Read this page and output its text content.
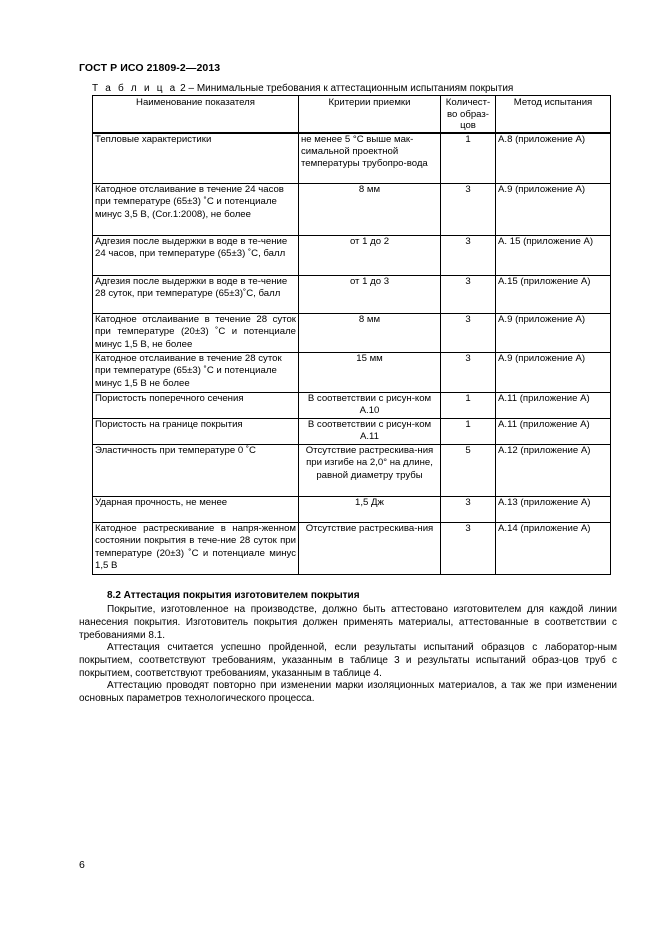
ГОСТ Р ИСО 21809-2—2013
Т а б л и ц а 2 – Минимальные требования к аттестационным испытаниям покрытия
Наименование показателя	Критерии приемки	Количест-во образ-цов	Метод испытания
Тепловые характеристики	не менее 5 °С выше мак-симальной проектной температуры трубопро-вода	1	А.8 (приложение А)
Катодное отслаивание в течение 24 часов при температуре (65±3) ˚С и потенциале минус 3,5 В, (Cor.1:2008), не более	8 мм	3	А.9 (приложение А)
Адгезия после выдержки в воде в те-чение 24 часов, при температуре (65±3) ˚С, балл	от 1 до 2	3	А. 15 (приложение А)
Адгезия после выдержки в воде в те-чение 28 суток, при температуре (65±3)˚С, балл	от 1 до 3	3	А.15 (приложение А)
Катодное отслаивание в течение 28 суток при температуре (20±3) ˚С и потенциале минус 1,5 В, не более	8 мм	3	А.9 (приложение А)
Катодное отслаивание в течение 28 суток при температуре (65±3) ˚С и потенциале минус 1,5 В не более	15 мм	3	А.9 (приложение А)
Пористость поперечного сечения	В соответствии с рисун-ком А.10	1	А.11 (приложение А)
Пористость на границе покрытия	В соответствии с рисун-ком А.11	1	А.11 (приложение А)
Эластичность при температуре 0 ˚С	Отсутствие растрескива-ния при изгибе на 2,0° на длине, равной диаметру трубы	5	А.12 (приложение А)
Ударная прочность, не менее	1,5 Дж	3	А.13 (приложение А)
Катодное растрескивание в напря-женном состоянии покрытия в тече-ние 28 суток при температуре (20±3) ˚С и потенциале минус 1,5 В	Отсутствие растрескива-ния	3	А.14 (приложение А)
8.2 Аттестация покрытия изготовителем покрытия

Покрытие, изготовленное на производстве, должно быть аттестовано изготовителем для каждой линии нанесения покрытия. Изготовитель покрытия должен применять материалы, аттестованные в соответствии с требованиями 8.1.

Аттестация считается успешно пройденной, если результаты испытаний образцов с лаборатор-ным покрытием, соответствуют требованиям, указанным в таблице 3 и результаты испытаний образ-цов труб с покрытием, соответствуют требованиям, указанным в таблице 4.

Аттестацию проводят повторно при изменении марки изоляционных материалов, а так же при изменении основных параметров технологического процесса.

6
